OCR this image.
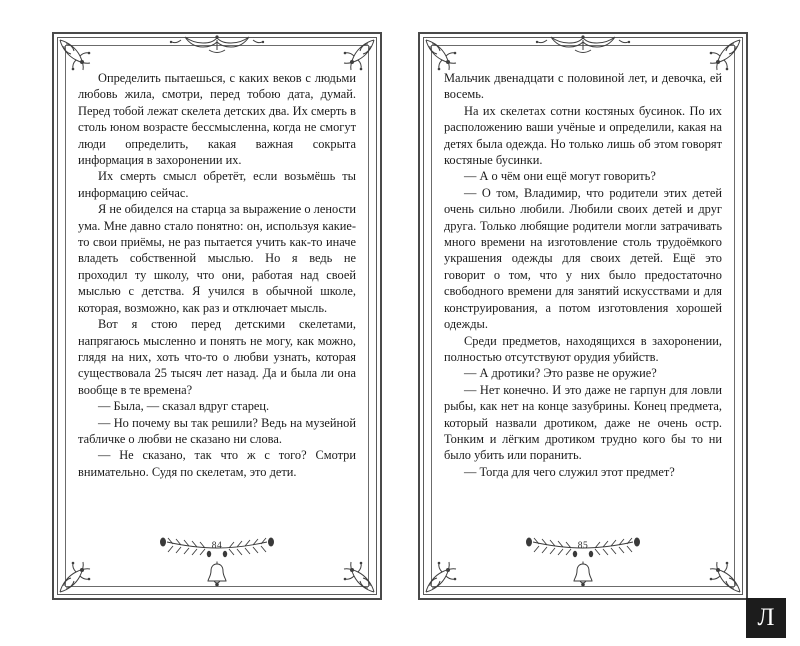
Определить пытаешься, с каких веков с людьми любовь жила, смотри, перед тобою дата, думай. Перед тобой лежат скелета детских два. Их смерть в столь юном возрасте бессмысленна, когда не смогут люди определить, какая важная сокрыта информация в захоронении их.

Их смерть смысл обретёт, если возьмёшь ты информацию сейчас.

Я не обиделся на старца за выражение о лености ума. Мне давно стало понятно: он, используя какие-то свои приёмы, не раз пытается учить как-то иначе владеть собственной мыслью. Но я ведь не проходил ту школу, что они, работая над своей мыслью с детства. Я учился в обычной школе, которая, возможно, как раз и отключает мысль.

Вот я стою перед детскими скелетами, напрягаюсь мысленно и понять не могу, как можно, глядя на них, хоть что-то о любви узнать, которая существовала 25 тысяч лет назад. Да и была ли она вообще в те времена?

— Была, — сказал вдруг старец.

— Но почему вы так решили? Ведь на музейной табличке о любви не сказано ни слова.

— Не сказано, так что ж с того? Смотри внимательно. Судя по скелетам, это дети.

84

Мальчик двенадцати с половиной лет, и девочка, ей восемь.

На их скелетах сотни костяных бусинок. По их расположению ваши учёные и определили, какая на детях была одежда. Но только лишь об этом говорят костяные бусинки.

— А о чём они ещё могут говорить?

— О том, Владимир, что родители этих детей очень сильно любили. Любили своих детей и друг друга. Только любящие родители могли затрачивать много времени на изготовление столь трудоёмкого украшения одежды для своих детей. Ещё это говорит о том, что у них было предостаточно свободного времени для занятий искусствами и для конструирования, а потом изготовления хорошей одежды.

Среди предметов, находящихся в захоронении, полностью отсутствуют орудия убийств.

— А дротики? Это разве не оружие?

— Нет конечно. И это даже не гарпун для ловли рыбы, как нет на конце зазубрины. Конец предмета, который назвали дротиком, даже не очень остр. Тонким и лёгким дротиком трудно кого бы то ни было убить или поранить.

— Тогда для чего служил этот предмет?

85
Л
